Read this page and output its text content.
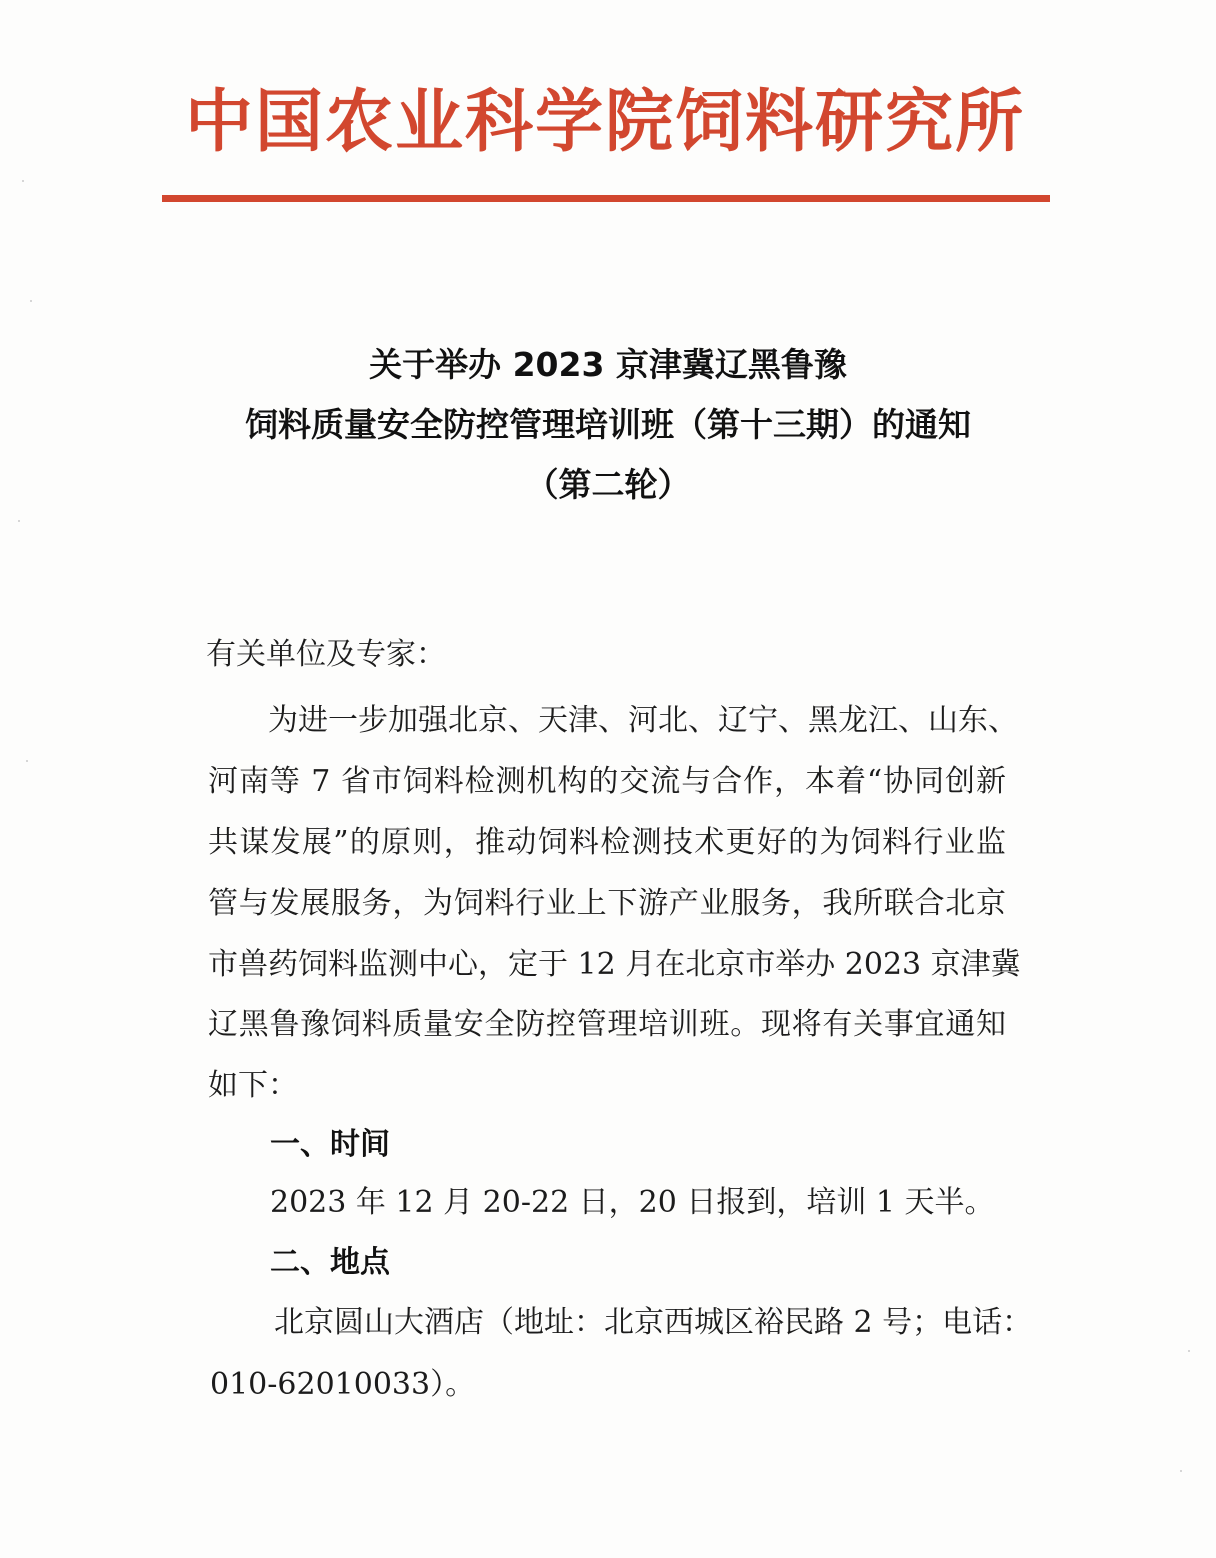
中国农业科学院饲料研究所
关于举办 2023 京津冀辽黑鲁豫
饲料质量安全防控管理培训班（第十三期）的通知
（第二轮）
有关单位及专家：
为进一步加强北京、天津、河北、辽宁、黑龙江、山东、
河南等 7 省市饲料检测机构的交流与合作，本着“协同创新
共谋发展”的原则，推动饲料检测技术更好的为饲料行业监
管与发展服务，为饲料行业上下游产业服务，我所联合北京
市兽药饲料监测中心，定于 12 月在北京市举办 2023 京津冀
辽黑鲁豫饲料质量安全防控管理培训班。现将有关事宜通知
如下：
一、时间
2023 年 12 月 20-22 日，20 日报到，培训 1 天半。
二、地点
北京圆山大酒店（地址：北京西城区裕民路 2 号；电话：
010-62010033）。
